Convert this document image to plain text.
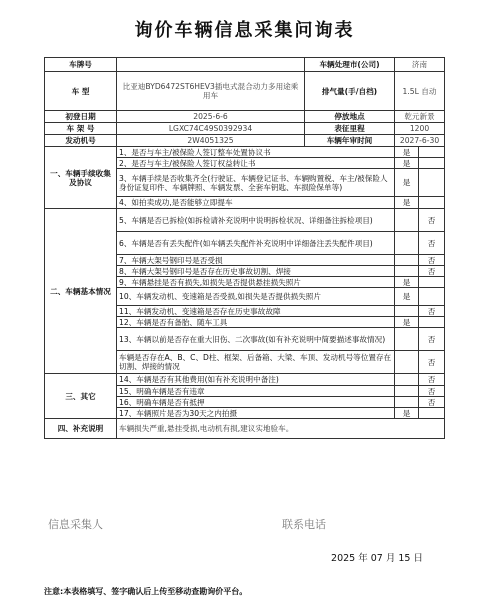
询价车辆信息采集问询表
车牌号		车辆处理市(公司)	济南	
车 型	比亚迪BYD6472ST6HEV3插电式混合动力多用途乘用车	排气量(手/自档)	1.5L 自动	
初登日期	2025-6-6	停放地点	乾元新景	
车 架 号	LGXC74C49S0392934	表征里程	1200	
发动机号	2W4051325	车辆年审时间	2027-6-30	
一、车辆手续收集及协议	1、是否与车主/被保险人签订整车处置协议书		是	
	2、是否与车主/被保险人签订权益转让书		是	
	3、车辆手续是否收集齐全(行驶证、车辆登记证书、车辆购置税、车主/被保险人身份证复印件、车辆牌照、车辆发票、全套车钥匙、车损险保单等)		是	
	4、如拍卖成功,是否能够立即提车		是	
二、车辆基本情况	5、车辆是否已拆检(如拆检请补充说明中说明拆检状况、详细备注拆检项目)			否
	6、车辆是否有丢失配件(如车辆丢失配件补充说明中详细备注丢失配件项目)			否
	7、车辆大架号钢印号是否受损			否
	8、车辆大架号钢印号是否存在历史事故切割、焊接			否
	9、车辆悬挂是否有损失,如损失是否提供悬挂损失照片		是	
	10、车辆发动机、变速箱是否受损,如损失是否提供损失照片		是	
	11、车辆发动机、变速箱是否存在历史事故故障			否
	12、车辆是否有备胎、随车工具		是	
	13、车辆以前是否存在重大旧伤、二次事故(如有补充说明中简要描述事故情况)			否
	车辆是否存在A、B、C、D柱、框架、后备箱、大梁、车顶、发动机号等位置存在切割、焊接的情况			否
三、其它	14、车辆是否有其他费用(如有补充说明中备注)			否
	15、明确车辆是否有违章			否
	16、明确车辆是否有抵押			否
	17、车辆照片是否为30天之内拍摄		是	
四、补充说明	车辆损失严重,悬挂受损,电动机有损,建议实地验车。			
信息采集人	联系电话
2025 年 07 月 15 日
注意:本表格填写、签字确认后上传至移动查勘询价平台。
